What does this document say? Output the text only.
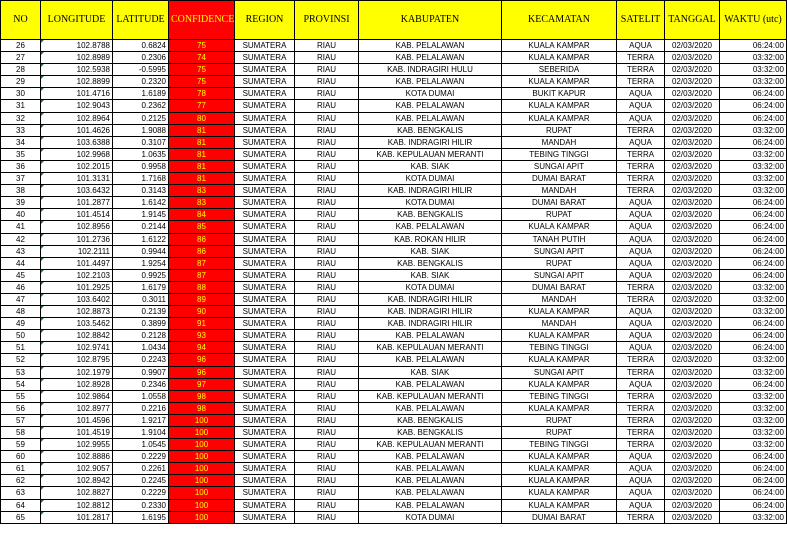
NO	LONGITUDE	LATITUDE	CONFIDENCE	REGION	PROVINSI	KABUPATEN	KECAMATAN	SATELIT	TANGGAL	WAKTU (utc)
26	102.8788	0.6824	75	SUMATERA	RIAU	KAB. PELALAWAN	KUALA KAMPAR	AQUA	02/03/2020	06:24:00
27	102.8989	0.2306	74	SUMATERA	RIAU	KAB. PELALAWAN	KUALA KAMPAR	TERRA	02/03/2020	03:32:00
28	102.5938	-0.5995	75	SUMATERA	RIAU	KAB. INDRAGIRI HULU	SEBERIDA	TERRA	02/03/2020	03:32:00
29	102.8899	0.2320	75	SUMATERA	RIAU	KAB. PELALAWAN	KUALA KAMPAR	TERRA	02/03/2020	03:32:00
30	101.4716	1.6189	78	SUMATERA	RIAU	KOTA DUMAI	BUKIT KAPUR	AQUA	02/03/2020	06:24:00
31	102.9043	0.2362	77	SUMATERA	RIAU	KAB. PELALAWAN	KUALA KAMPAR	AQUA	02/03/2020	06:24:00
32	102.8964	0.2125	80	SUMATERA	RIAU	KAB. PELALAWAN	KUALA KAMPAR	AQUA	02/03/2020	06:24:00
33	101.4626	1.9088	81	SUMATERA	RIAU	KAB. BENGKALIS	RUPAT	TERRA	02/03/2020	03:32:00
34	103.6388	0.3107	81	SUMATERA	RIAU	KAB. INDRAGIRI HILIR	MANDAH	AQUA	02/03/2020	06:24:00
35	102.9968	1.0635	81	SUMATERA	RIAU	KAB. KEPULAUAN MERANTI	TEBING TINGGI	TERRA	02/03/2020	03:32:00
36	102.2015	0.9958	81	SUMATERA	RIAU	KAB. SIAK	SUNGAI APIT	TERRA	02/03/2020	03:32:00
37	101.3131	1.7168	81	SUMATERA	RIAU	KOTA DUMAI	DUMAI BARAT	TERRA	02/03/2020	03:32:00
38	103.6432	0.3143	83	SUMATERA	RIAU	KAB. INDRAGIRI HILIR	MANDAH	TERRA	02/03/2020	03:32:00
39	101.2877	1.6142	83	SUMATERA	RIAU	KOTA DUMAI	DUMAI BARAT	AQUA	02/03/2020	06:24:00
40	101.4514	1.9145	84	SUMATERA	RIAU	KAB. BENGKALIS	RUPAT	AQUA	02/03/2020	06:24:00
41	102.8956	0.2144	85	SUMATERA	RIAU	KAB. PELALAWAN	KUALA KAMPAR	AQUA	02/03/2020	06:24:00
42	101.2736	1.6122	86	SUMATERA	RIAU	KAB. ROKAN HILIR	TANAH PUTIH	AQUA	02/03/2020	06:24:00
43	102.2111	0.9944	86	SUMATERA	RIAU	KAB. SIAK	SUNGAI APIT	AQUA	02/03/2020	06:24:00
44	101.4497	1.9254	87	SUMATERA	RIAU	KAB. BENGKALIS	RUPAT	AQUA	02/03/2020	06:24:00
45	102.2103	0.9925	87	SUMATERA	RIAU	KAB. SIAK	SUNGAI APIT	AQUA	02/03/2020	06:24:00
46	101.2925	1.6179	88	SUMATERA	RIAU	KOTA DUMAI	DUMAI BARAT	TERRA	02/03/2020	03:32:00
47	103.6402	0.3011	89	SUMATERA	RIAU	KAB. INDRAGIRI HILIR	MANDAH	TERRA	02/03/2020	03:32:00
48	102.8873	0.2139	90	SUMATERA	RIAU	KAB. INDRAGIRI HILIR	KUALA KAMPAR	AQUA	02/03/2020	03:32:00
49	103.5462	0.3899	91	SUMATERA	RIAU	KAB. INDRAGIRI HILIR	MANDAH	AQUA	02/03/2020	06:24:00
50	102.8842	0.2128	93	SUMATERA	RIAU	KAB. PELALAWAN	KUALA KAMPAR	AQUA	02/03/2020	06:24:00
51	102.9741	1.0434	94	SUMATERA	RIAU	KAB. KEPULAUAN MERANTI	TEBING TINGGI	AQUA	02/03/2020	06:24:00
52	102.8795	0.2243	96	SUMATERA	RIAU	KAB. PELALAWAN	KUALA KAMPAR	TERRA	02/03/2020	03:32:00
53	102.1979	0.9907	96	SUMATERA	RIAU	KAB. SIAK	SUNGAI APIT	TERRA	02/03/2020	03:32:00
54	102.8928	0.2346	97	SUMATERA	RIAU	KAB. PELALAWAN	KUALA KAMPAR	AQUA	02/03/2020	06:24:00
55	102.9864	1.0558	98	SUMATERA	RIAU	KAB. KEPULAUAN MERANTI	TEBING TINGGI	TERRA	02/03/2020	03:32:00
56	102.8977	0.2216	98	SUMATERA	RIAU	KAB. PELALAWAN	KUALA KAMPAR	TERRA	02/03/2020	03:32:00
57	101.4596	1.9217	100	SUMATERA	RIAU	KAB. BENGKALIS	RUPAT	TERRA	02/03/2020	03:32:00
58	101.4519	1.9104	100	SUMATERA	RIAU	KAB. BENGKALIS	RUPAT	TERRA	02/03/2020	03:32:00
59	102.9955	1.0545	100	SUMATERA	RIAU	KAB. KEPULAUAN MERANTI	TEBING TINGGI	TERRA	02/03/2020	03:32:00
60	102.8886	0.2229	100	SUMATERA	RIAU	KAB. PELALAWAN	KUALA KAMPAR	AQUA	02/03/2020	06:24:00
61	102.9057	0.2261	100	SUMATERA	RIAU	KAB. PELALAWAN	KUALA KAMPAR	AQUA	02/03/2020	06:24:00
62	102.8942	0.2245	100	SUMATERA	RIAU	KAB. PELALAWAN	KUALA KAMPAR	AQUA	02/03/2020	06:24:00
63	102.8827	0.2229	100	SUMATERA	RIAU	KAB. PELALAWAN	KUALA KAMPAR	AQUA	02/03/2020	06:24:00
64	102.8812	0.2330	100	SUMATERA	RIAU	KAB. PELALAWAN	KUALA KAMPAR	AQUA	02/03/2020	06:24:00
65	101.2817	1.6195	100	SUMATERA	RIAU	KOTA DUMAI	DUMAI BARAT	TERRA	02/03/2020	03:32:00
